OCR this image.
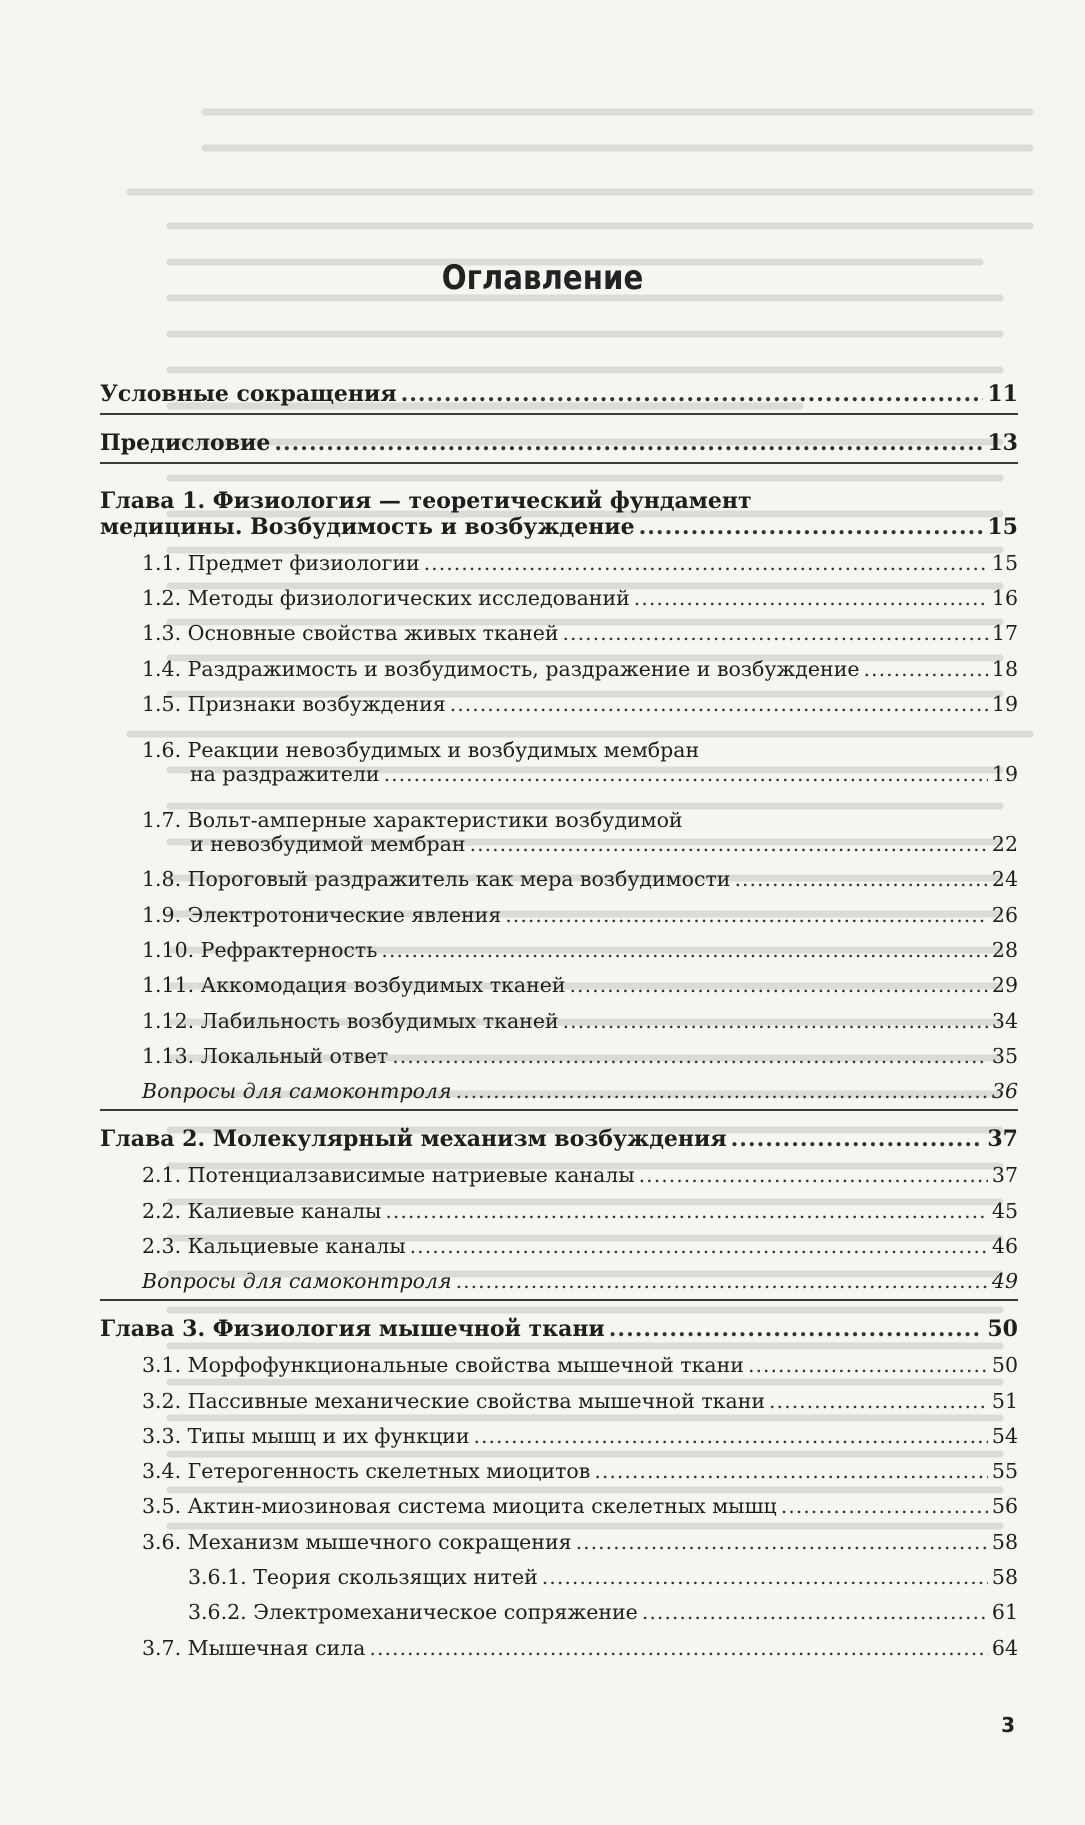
Оглавление
Условные сокращения .....	11
Предисловие .....	13
Глава 1. Физиология — теоретический фундамент
медицины. Возбудимость и возбуждение .....	15
1.1. Предмет физиологии .....	15
1.2. Методы физиологических исследований .....	16
1.3. Основные свойства живых тканей .....	17
1.4. Раздражимость и возбудимость, раздражение и возбуждение .....	18
1.5. Признаки возбуждения .....	19
1.6. Реакции невозбудимых и возбудимых мембран
на раздражители .....	19
1.7. Вольт-амперные характеристики возбудимой
и невозбудимой мембран .....	22
1.8. Пороговый раздражитель как мера возбудимости .....	24
1.9. Электротонические явления .....	26
1.10. Рефрактерность .....	28
1.11. Аккомодация возбудимых тканей .....	29
1.12. Лабильность возбудимых тканей .....	34
1.13. Локальный ответ .....	35
Вопросы для самоконтроля .....	36
Глава 2. Молекулярный механизм возбуждения .....	37
2.1. Потенциалзависимые натриевые каналы .....	37
2.2. Калиевые каналы .....	45
2.3. Кальциевые каналы .....	46
Вопросы для самоконтроля .....	49
Глава 3. Физиология мышечной ткани .....	50
3.1. Морфофункциональные свойства мышечной ткани .....	50
3.2. Пассивные механические свойства мышечной ткани .....	51
3.3. Типы мышц и их функции .....	54
3.4. Гетерогенность скелетных миоцитов .....	55
3.5. Актин-миозиновая система миоцита скелетных мышц .....	56
3.6. Механизм мышечного сокращения .....	58
3.6.1. Теория скользящих нитей .....	58
3.6.2. Электромеханическое сопряжение .....	61
3.7. Мышечная сила .....	64
3
